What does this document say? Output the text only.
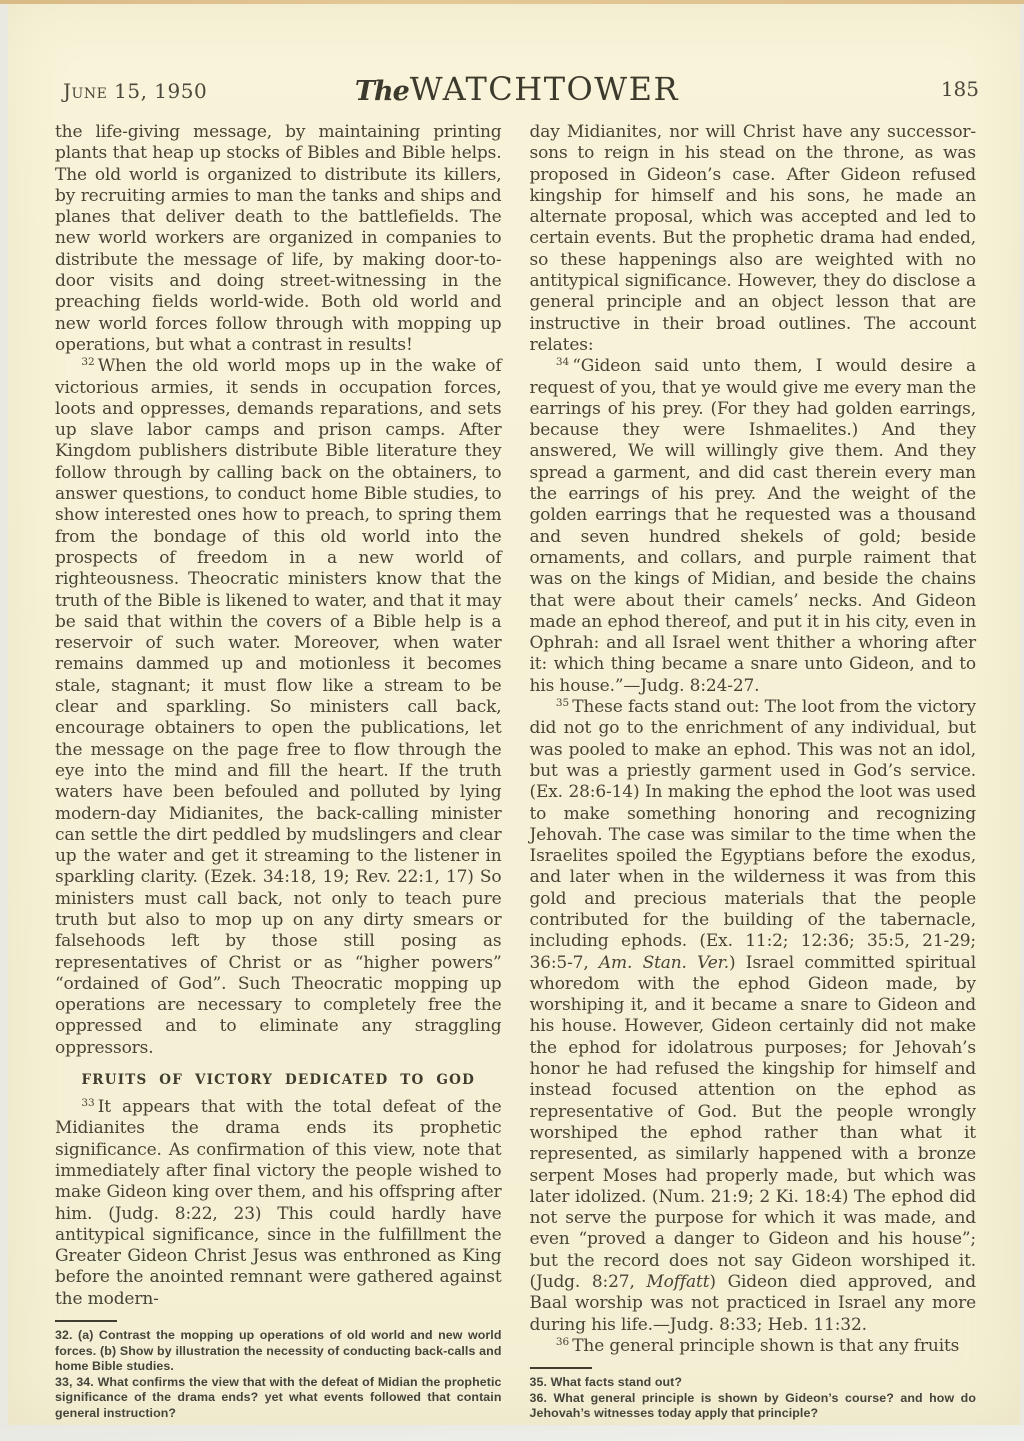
June 15, 1950	TheWATCHTOWER	185

the life-giving message, by maintaining printing plants that heap up stocks of Bibles and Bible helps. The old world is organized to distribute its killers, by recruiting armies to man the tanks and ships and planes that deliver death to the battlefields. The new world workers are organized in companies to distribute the message of life, by making door-to-door visits and doing street-witnessing in the preaching fields world-wide. Both old world and new world forces follow through with mopping up operations, but what a contrast in results!

$^{32}$ When the old world mops up in the wake of victorious armies, it sends in occupation forces, loots and oppresses, demands reparations, and sets up slave labor camps and prison camps. After Kingdom publishers distribute Bible literature they follow through by calling back on the obtainers, to answer questions, to conduct home Bible studies, to show interested ones how to preach, to spring them from the bondage of this old world into the prospects of freedom in a new world of righteousness. Theocratic ministers know that the truth of the Bible is likened to water, and that it may be said that within the covers of a Bible help is a reservoir of such water. Moreover, when water remains dammed up and motionless it becomes stale, stagnant; it must flow like a stream to be clear and sparkling. So ministers call back, encourage obtainers to open the publications, let the message on the page free to flow through the eye into the mind and fill the heart. If the truth waters have been befouled and polluted by lying modern-day Midianites, the back-calling minister can settle the dirt peddled by mudslingers and clear up the water and get it streaming to the listener in sparkling clarity. (Ezek. 34:18, 19; Rev. 22:1, 17) So ministers must call back, not only to teach pure truth but also to mop up on any dirty smears or falsehoods left by those still posing as representatives of Christ or as “higher powers” “ordained of God”. Such Theocratic mopping up operations are necessary to completely free the oppressed and to eliminate any straggling oppressors.

FRUITS OF VICTORY DEDICATED TO GOD

$^{33}$ It appears that with the total defeat of the Midianites the drama ends its prophetic significance. As confirmation of this view, note that immediately after final victory the people wished to make Gideon king over them, and his offspring after him. (Judg. 8:22, 23) This could hardly have antitypical significance, since in the fulfillment the Greater Gideon Christ Jesus was enthroned as King before the anointed remnant were gathered against the modern-

32. (a) Contrast the mopping up operations of old world and new world forces. (b) Show by illustration the necessity of conducting back-calls and home Bible studies.

33, 34. What confirms the view that with the defeat of Midian the prophetic significance of the drama ends? yet what events followed that contain general instruction?

day Midianites, nor will Christ have any successor-sons to reign in his stead on the throne, as was proposed in Gideon’s case. After Gideon refused kingship for himself and his sons, he made an alternate proposal, which was accepted and led to certain events. But the prophetic drama had ended, so these happenings also are weighted with no antitypical significance. However, they do disclose a general principle and an object lesson that are instructive in their broad outlines. The account relates:

$^{34}$ “Gideon said unto them, I would desire a request of you, that ye would give me every man the earrings of his prey. (For they had golden earrings, because they were Ishmaelites.) And they answered, We will willingly give them. And they spread a garment, and did cast therein every man the earrings of his prey. And the weight of the golden earrings that he requested was a thousand and seven hundred shekels of gold; beside ornaments, and collars, and purple raiment that was on the kings of Midian, and beside the chains that were about their camels’ necks. And Gideon made an ephod thereof, and put it in his city, even in Ophrah: and all Israel went thither a whoring after it: which thing became a snare unto Gideon, and to his house.”—Judg. 8:24-27.

$^{35}$ These facts stand out: The loot from the victory did not go to the enrichment of any individual, but was pooled to make an ephod. This was not an idol, but was a priestly garment used in God’s service. (Ex. 28:6-14) In making the ephod the loot was used to make something honoring and recognizing Jehovah. The case was similar to the time when the Israelites spoiled the Egyptians before the exodus, and later when in the wilderness it was from this gold and precious materials that the people contributed for the building of the tabernacle, including ephods. (Ex. 11:2; 12:36; 35:5, 21-29; 36:5-7, Am. Stan. Ver.) Israel committed spiritual whoredom with the ephod Gideon made, by worshiping it, and it became a snare to Gideon and his house. However, Gideon certainly did not make the ephod for idolatrous purposes; for Jehovah’s honor he had refused the kingship for himself and instead focused attention on the ephod as representative of God. But the people wrongly worshiped the ephod rather than what it represented, as similarly happened with a bronze serpent Moses had properly made, but which was later idolized. (Num. 21:9; 2 Ki. 18:4) The ephod did not serve the purpose for which it was made, and even “proved a danger to Gideon and his house”; but the record does not say Gideon worshiped it. (Judg. 8:27, Moffatt) Gideon died approved, and Baal worship was not practiced in Israel any more during his life.—Judg. 8:33; Heb. 11:32.

$^{36}$ The general principle shown is that any fruits

35. What facts stand out?

36. What general principle is shown by Gideon’s course? and how do Jehovah’s witnesses today apply that principle?
